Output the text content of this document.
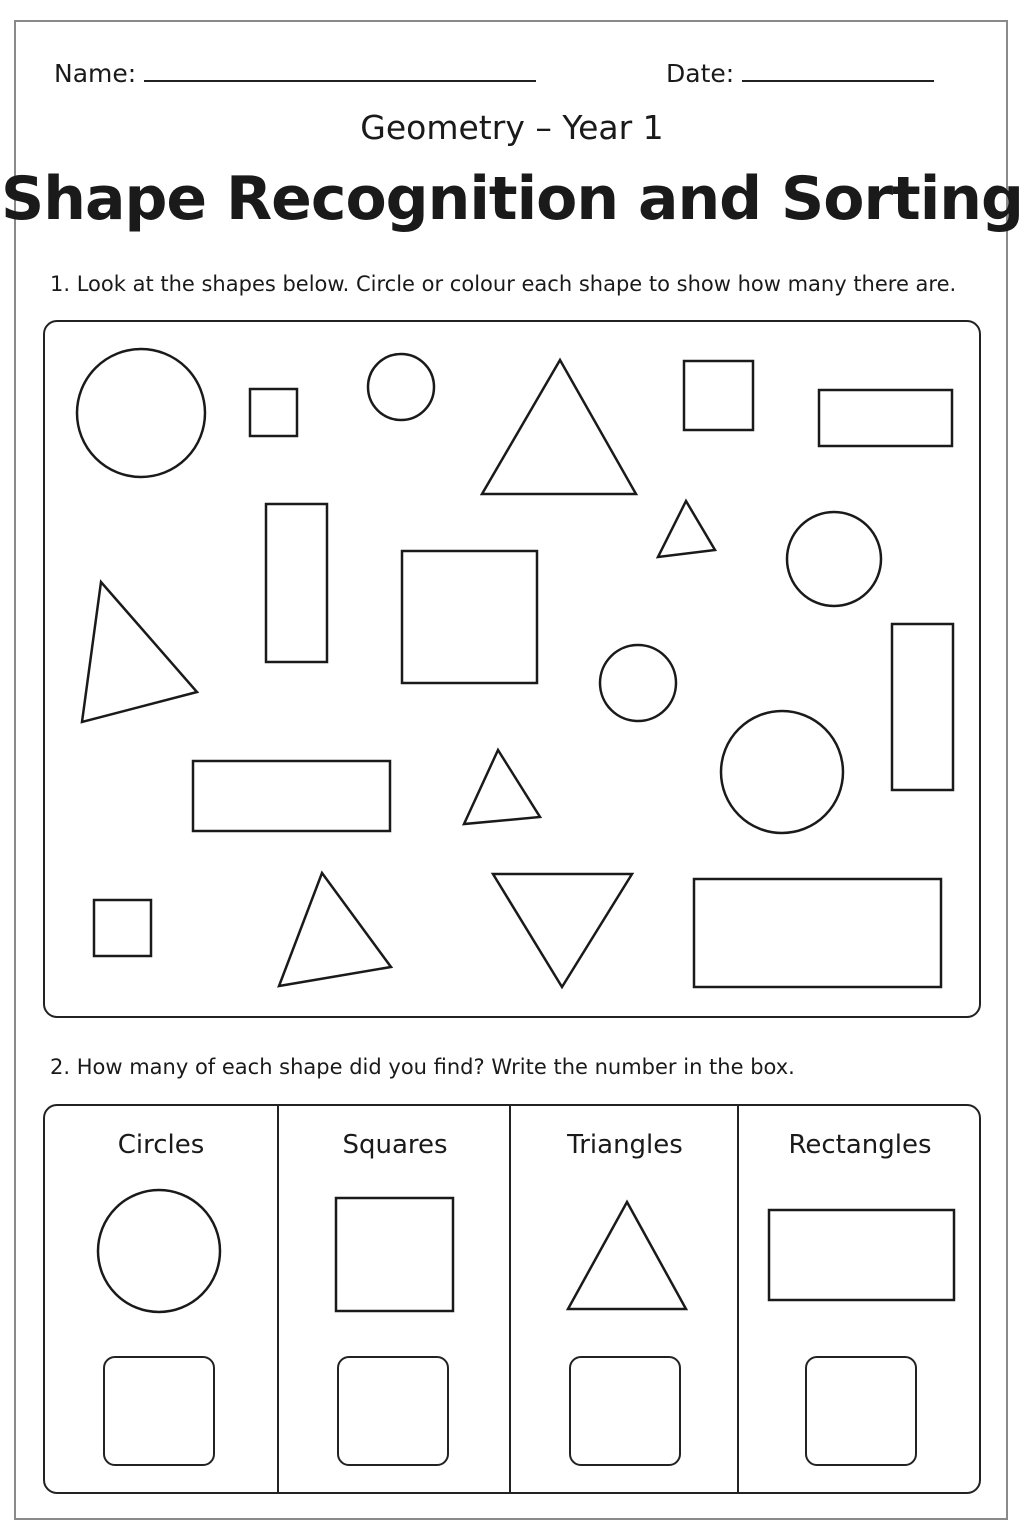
Name:	Date:
Geometry – Year 1
Shape Recognition and Sorting
1. Look at the shapes below. Circle or colour each shape to show how many there are.
2. How many of each shape did you find? Write the number in the box.
Circles	Squares	Triangles	Rectangles
